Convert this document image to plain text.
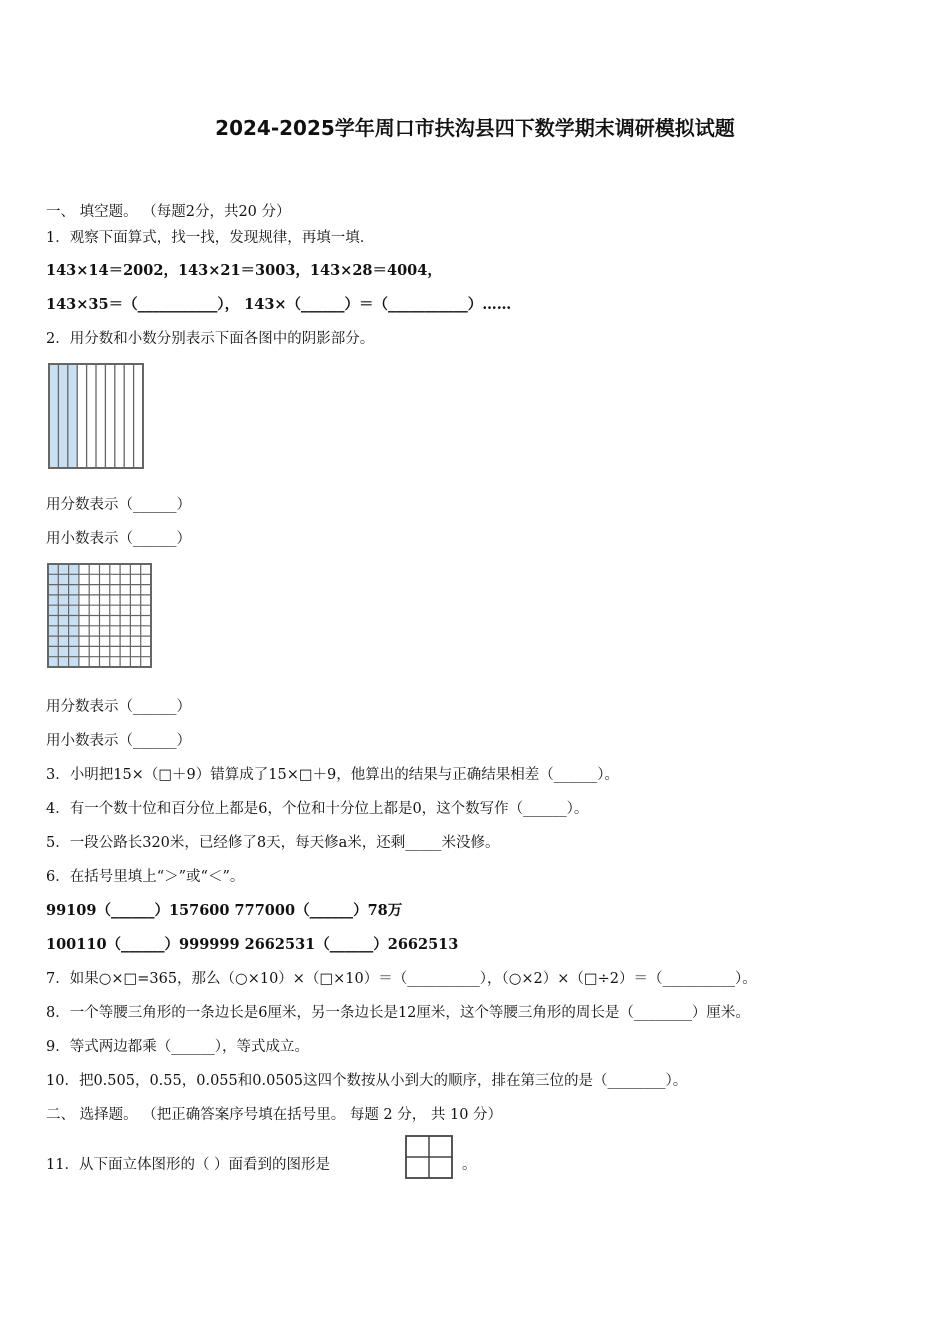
2024-2025学年周口市扶沟县四下数学期末调研模拟试题
一、 填空题。 （每题2分，共20 分）
1．观察下面算式，找一找，发现规律，再填一填．
143×14＝2002，143×21＝3003，143×28＝4004，
143×35＝（___________）， 143×（______）＝（___________）……
2．用分数和小数分别表示下面各图中的阴影部分。
用分数表示（______）
用小数表示（______）
用分数表示（______）
用小数表示（______）
3．小明把15×（□＋9）错算成了15×□＋9，他算出的结果与正确结果相差（______）。
4．有一个数十位和百分位上都是6，个位和十分位上都是0，这个数写作（______）。
5．一段公路长320米，已经修了8天，每天修a米，还剩_____米没修。
6．在括号里填上“＞”或“＜”。
99109（______）157600 777000（______）78万
100110（______）999999 2662531（______）2662513
7．如果○×□=365，那么（○×10）×（□×10）＝（__________），（○×2）×（□÷2）＝（__________）。
8．一个等腰三角形的一条边长是6厘米，另一条边长是12厘米，这个等腰三角形的周长是（________）厘米。
9．等式两边都乘（______），等式成立。
10．把0.505，0.55，0.055和0.0505这四个数按从小到大的顺序，排在第三位的是（________）。
二、 选择题。 （把正确答案序号填在括号里。 每题 2 分， 共 10 分）
11．从下面立体图形的（ ）面看到的图形是	。
